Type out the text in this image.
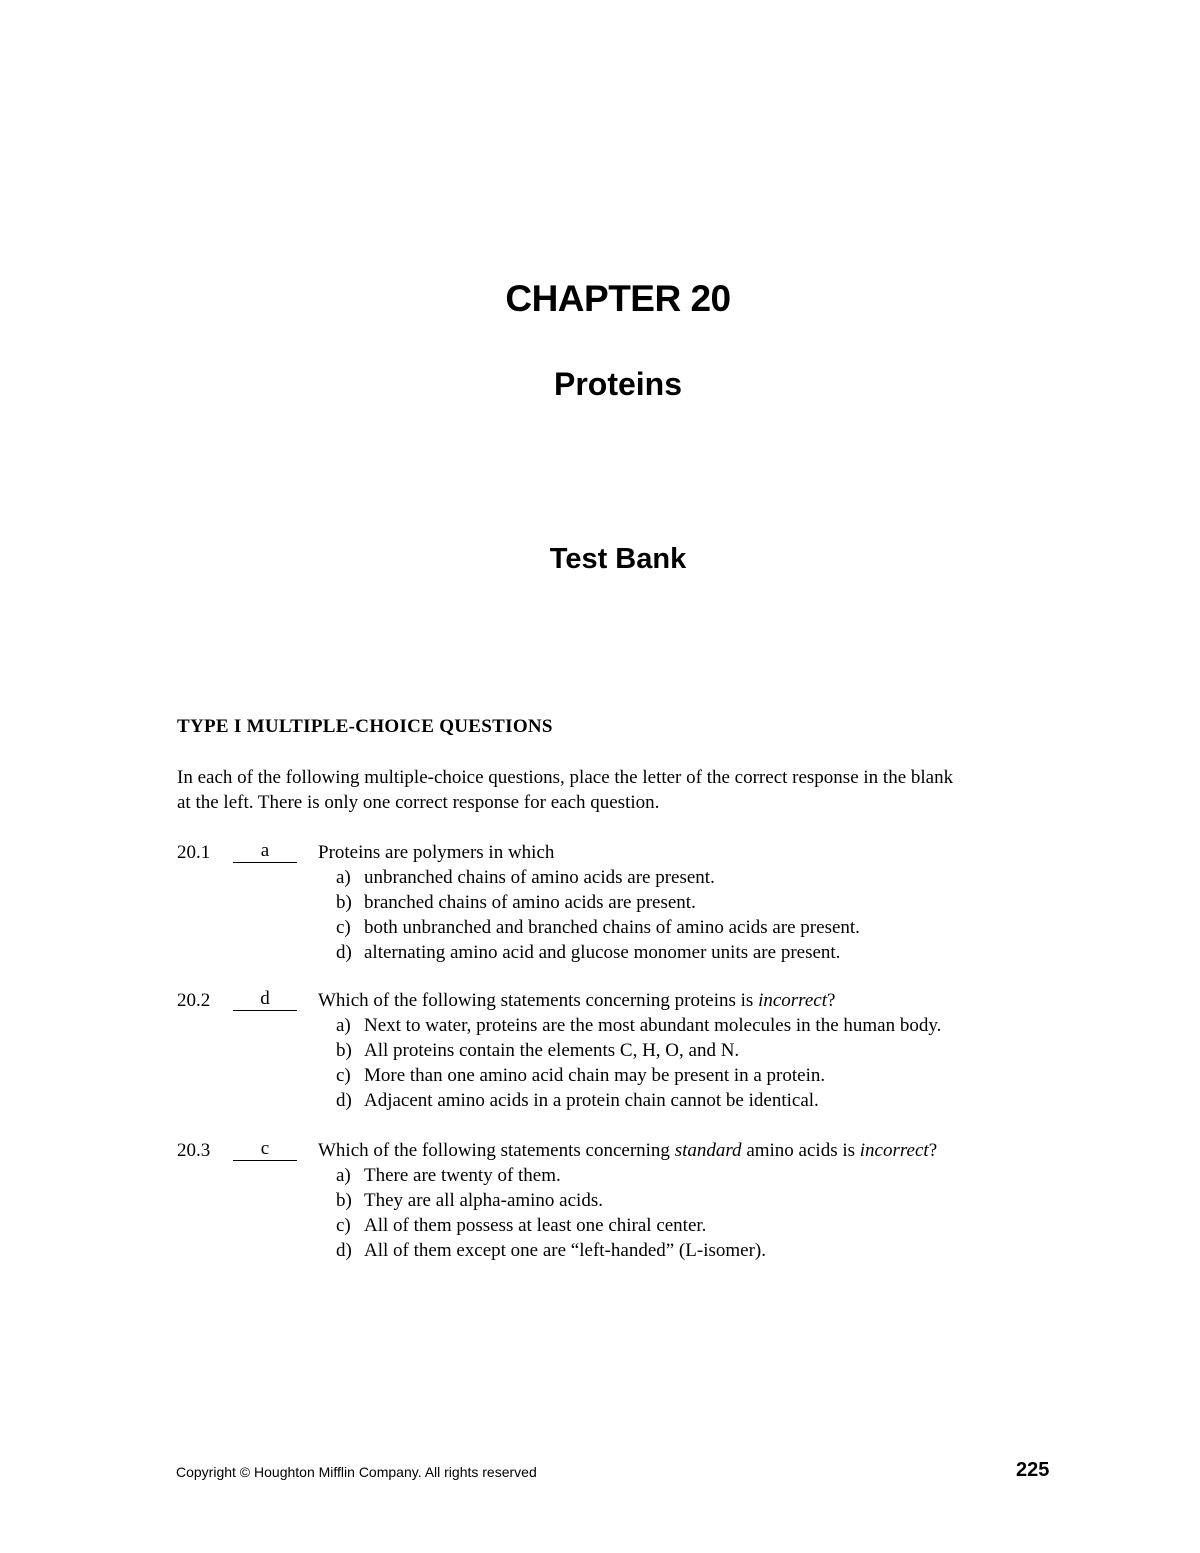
CHAPTER 20
Proteins
Test Bank
TYPE I MULTIPLE-CHOICE QUESTIONS
In each of the following multiple-choice questions, place the letter of the correct response in the blank
at the left. There is only one correct response for each question.
20.1	a	Proteins are polymers in which
a) unbranched chains of amino acids are present.
b) branched chains of amino acids are present.
c) both unbranched and branched chains of amino acids are present.
d) alternating amino acid and glucose monomer units are present.
20.2	d	Which of the following statements concerning proteins is incorrect?
a) Next to water, proteins are the most abundant molecules in the human body.
b) All proteins contain the elements C, H, O, and N.
c) More than one amino acid chain may be present in a protein.
d) Adjacent amino acids in a protein chain cannot be identical.
20.3	c	Which of the following statements concerning standard amino acids is incorrect?
a) There are twenty of them.
b) They are all alpha-amino acids.
c) All of them possess at least one chiral center.
d) All of them except one are “left-handed” (L-isomer).
Copyright © Houghton Mifflin Company. All rights reserved	225
